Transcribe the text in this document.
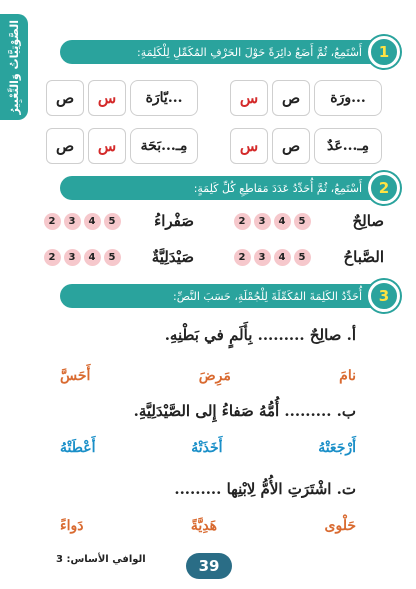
الصَّوْتِيَّاتُ وَالتَّعْبِيرُ	1
أَسْتَمِعُ، ثُمَّ أَضَعُ دائِرَةً حَوْلَ الحَرْفِ المُكَمِّلِ لِلْكَلِمَةِ:
...ورَة
ص
س
...يّارَة
س
ص
مِـ...عَدٌ
ص
س
مِـ...بَحَة
س
ص
2
أَسْتَمِعُ، ثُمَّ أُحَدِّدُ عَدَدَ مَقاطِعِ كُلِّ كَلِمَةٍ:
صالِحٌ
2	3	4	5
صَفْراءُ
2	3	4	5
الصَّباحُ
2	3	4	5
صَيْدَلِيَّةٌ
2	3	4	5
3
أُحَدِّدُ الكَلِمَةَ المُكَمِّلَةَ لِلْجُمْلَةِ، حَسَبَ النَّصِّ:
أ. صالِحٌ ......... بِأَلَمٍ في بَطْنِهِ.
نامَ
مَرِضَ
أَحَسَّ
ب. ......... أُمُّهُ صَفاءُ إِلى الصَّيْدَلِيَّةِ.
أَرْجَعَتْهُ
أَخَذَتْهُ
أَعْطَتْهُ
ت. اشْتَرَتِ الأُمُّ لِابْنِها .........
حَلْوى
هَدِيَّةً
دَواءً
الوافي الأساس: 3	39
